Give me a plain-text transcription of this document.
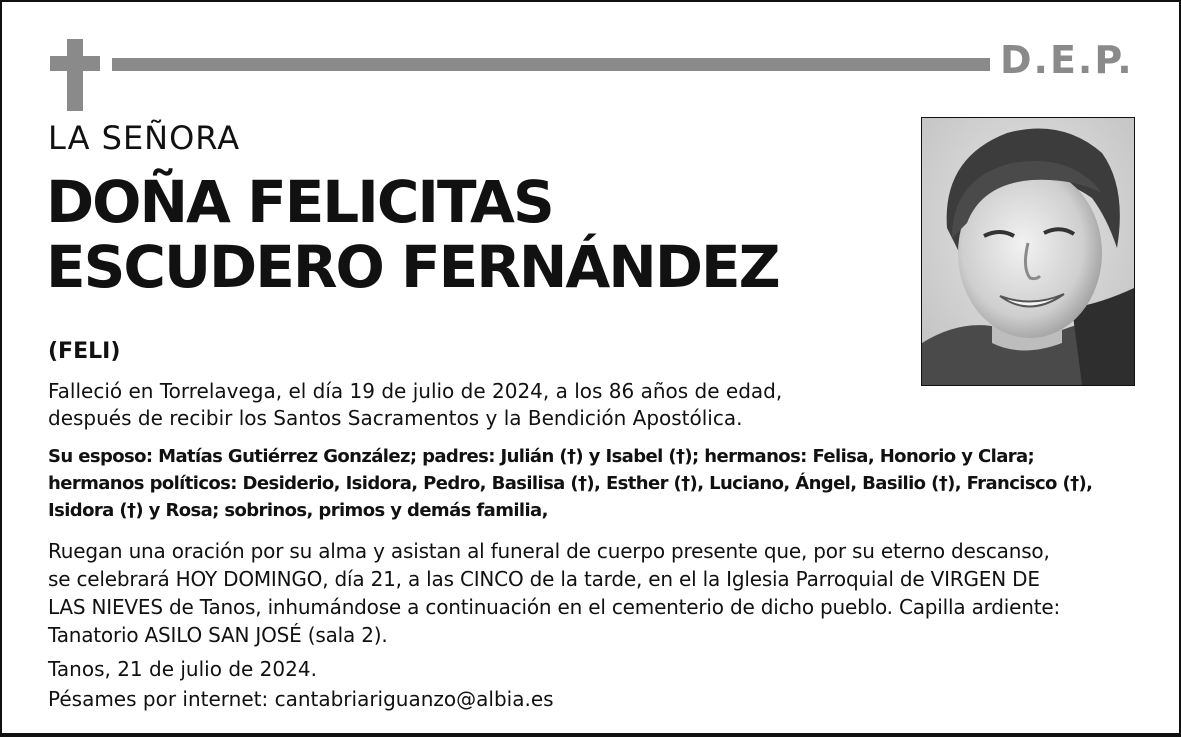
D.E.P.
LA SEÑORA
DOÑA FELICITAS
ESCUDERO FERNÁNDEZ
(FELI)
Falleció en Torrelavega, el día 19 de julio de 2024, a los 86 años de edad,
después de recibir los Santos Sacramentos y la Bendición Apostólica.
Su esposo: Matías Gutiérrez González; padres: Julián (†) y Isabel (†); hermanos: Felisa, Honorio y Clara;
hermanos políticos: Desiderio, Isidora, Pedro, Basilisa (†), Esther (†), Luciano, Ángel, Basilio (†), Francisco (†),
Isidora (†) y Rosa; sobrinos, primos y demás familia,
Ruegan una oración por su alma y asistan al funeral de cuerpo presente que, por su eterno descanso,
se celebrará HOY DOMINGO, día 21, a las CINCO de la tarde, en el la Iglesia Parroquial de VIRGEN DE
LAS NIEVES de Tanos, inhumándose a continuación en el cementerio de dicho pueblo. Capilla ardiente:
Tanatorio ASILO SAN JOSÉ (sala 2).
Tanos, 21 de julio de 2024.
Pésames por internet: cantabriariguanzo@albia.es
